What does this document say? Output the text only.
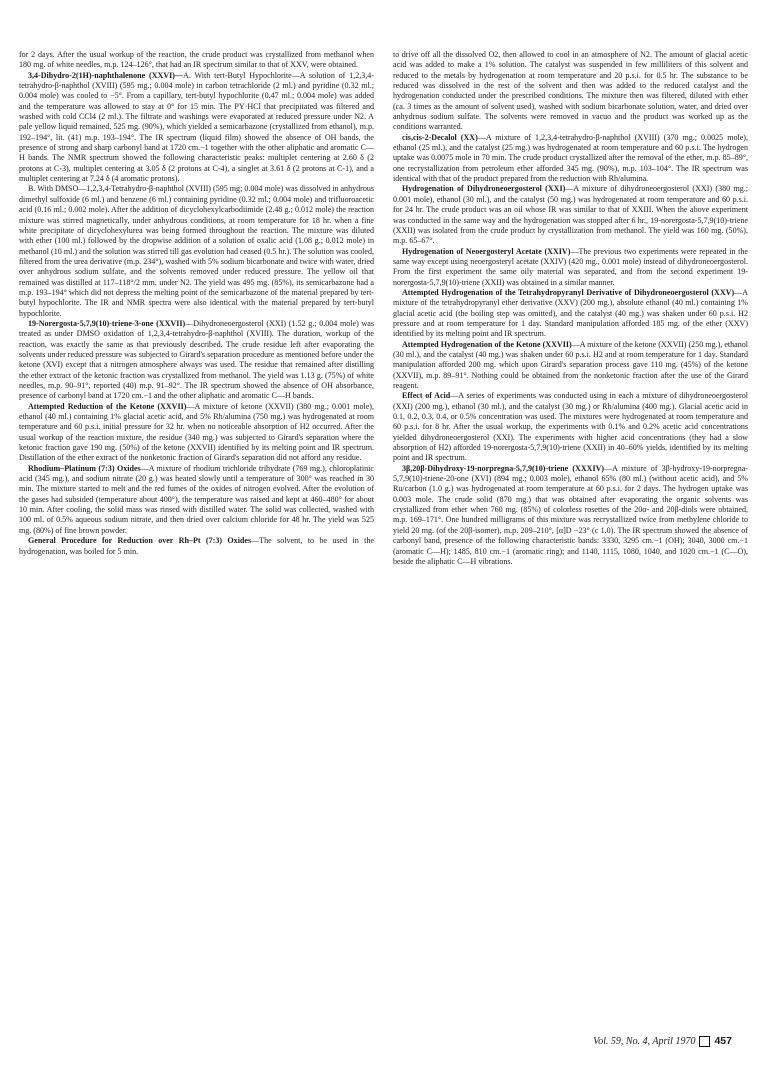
for 2 days. After the usual workup of the reaction, the crude product was crystallized from methanol when 180 mg. of white needles, m.p. 124–126°, that had an IR spectrum similar to that of XXV, were obtained.

3,4-Dihydro-2(1H)-naphthalenone (XXVI)—A. With tert-Butyl Hypochlorite—A solution of 1,2,3,4-tetrahydro-β-naphthol (XVIII) (595 mg.; 0.004 mole) in carbon tetrachloride (2 ml.) and pyridine (0.32 ml.; 0.004 mole) was cooled to −5°. From a capillary, tert-butyl hypochlorite (0.47 ml.; 0.004 mole) was added and the temperature was allowed to stay at 0° for 15 min. The PY·HCl that precipitated was filtered and washed with cold CCl4 (2 ml.). The filtrate and washings were evaporated at reduced pressure under N2. A pale yellow liquid remained, 525 mg. (90%), which yielded a semicarbazone (crystallized from ethanol), m.p. 192–194°, lit. (41) m.p. 193–194°. The IR spectrum (liquid film) showed the absence of OH bands, the presence of strong and sharp carbonyl band at 1720 cm.−1 together with the other aliphatic and aromatic C—H bands. The NMR spectrum showed the following characteristic peaks: multiplet centering at 2.60 δ (2 protons at C-3), multiplet centering at 3.05 δ (2 protons at C-4), a singlet at 3.61 δ (2 protons at C-1), and a multiplet centering at 7.24 δ (4 aromatic protons).

B. With DMSO—1,2,3,4-Tetrahydro-β-naphthol (XVIII) (595 mg; 0.004 mole) was dissolved in anhydrous dimethyl sulfoxide (6 ml.) and benzene (6 ml.) containing pyridine (0.32 ml.; 0.004 mole) and trifluoroacetic acid (0.16 ml.; 0.002 mole). After the addition of dicyclohexylcarbodiimide (2.48 g.; 0.012 mole) the reaction mixture was stirred magnetically, under anhydrous conditions, at room temperature for 18 hr. when a fine white precipitate of dicyclohexylurea was being formed throughout the reaction. The mixture was diluted with ether (100 ml.) followed by the dropwise addition of a solution of oxalic acid (1.08 g.; 0.012 mole) in methanol (10 ml.) and the solution was stirred till gas evolution had ceased (0.5 hr.). The solution was cooled, filtered from the urea derivative (m.p. 234°), washed with 5% sodium bicarbonate and twice with water, dried over anhydrous sodium sulfate, and the solvents removed under reduced pressure. The yellow oil that remained was distilled at 117–118°/2 mm. under N2. The yield was 495 mg. (85%), its semicarbazone had a m.p. 193–194° which did not depress the melting point of the semicarbazone of the material prepared by tert-butyl hypochlorite. The IR and NMR spectra were also identical with the material prepared by tert-butyl hypochlorite.

19-Norergosta-5,7,9(10)-triene-3-one (XXVII)—Dihydroneoergosterol (XXI) (1.52 g.; 0.004 mole) was treated as under DMSO oxidation of 1,2,3,4-tetrahydro-β-naphthol (XVIII). The duration, workup of the reaction, was exactly the same as that previously described. The crude residue left after evaporating the solvents under reduced pressure was subjected to Girard's separation procedure as mentioned before under the ketone (XVI) except that a nitrogen atmosphere always was used. The residue that remained after distilling the ether extract of the ketonic fraction was crystallized from methanol. The yield was 1.13 g. (75%) of white needles, m.p. 90–91°, reported (40) m.p. 91–92°. The IR spectrum showed the absence of OH absorbance, presence of carbonyl band at 1720 cm.−1 and the other aliphatic and aromatic C—H bands.

Attempted Reduction of the Ketone (XXVII)—A mixture of ketone (XXVII) (380 mg.; 0.001 mole), ethanol (40 ml.) containing 1% glacial acetic acid, and 5% Rh/alumina (750 mg.) was hydrogenated at room temperature and 60 p.s.i. initial pressure for 32 hr. when no noticeable absorption of H2 occurred. After the usual workup of the reaction mixture, the residue (340 mg.) was subjected to Girard's separation where the ketonic fraction gave 190 mg. (50%) of the ketone (XXVII) identified by its melting point and IR spectrum. Distillation of the ether extract of the nonketonic fraction of Girard's separation did not afford any residue.

Rhodium–Platinum (7:3) Oxides—A mixture of rhodium trichloride trihydrate (769 mg.), chloroplatinic acid (345 mg.), and sodium nitrate (20 g.) was heated slowly until a temperature of 300° was reached in 30 min. The mixture started to melt and the red fumes of the oxides of nitrogen evolved. After the evolution of the gases had subsided (temperature about 400°), the temperature was raised and kept at 460–480° for about 10 min. After cooling, the solid mass was rinsed with distilled water. The solid was collected, washed with 100 ml. of 0.5% aqueous sodium nitrate, and then dried over calcium chloride for 48 hr. The yield was 525 mg. (80%) of fine brown powder.

General Procedure for Reduction over Rh–Pt (7:3) Oxides—The solvent, to be used in the hydrogenation, was boiled for 5 min.

to drive off all the dissolved O2, then allowed to cool in an atmosphere of N2. The amount of glacial acetic acid was added to make a 1% solution. The catalyst was suspended in few milliliters of this solvent and reduced to the metals by hydrogenation at room temperature and 20 p.s.i. for 0.5 hr. The substance to be reduced was dissolved in the rest of the solvent and then was added to the reduced catalyst and the hydrogenation conducted under the prescribed conditions. The mixture then was filtered, diluted with ether (ca. 3 times as the amount of solvent used), washed with sodium bicarbonate solution, water, and dried over anhydrous sodium sulfate. The solvents were removed in vacuo and the product was worked up as the conditions warranted.

cis,cis-2-Decalol (XX)—A mixture of 1,2,3,4-tetrahydro-β-naphthol (XVIII) (370 mg.; 0.0025 mole), ethanol (25 ml.), and the catalyst (25 mg.) was hydrogenated at room temperature and 60 p.s.i. The hydrogen uptake was 0.0075 mole in 70 min. The crude product crystallized after the removal of the ether, m.p. 85–89°, one recrystallization from petroleum ether afforded 345 mg. (90%), m.p. 103–104°. The IR spectrum was identical with that of the product prepared from the reduction with Rh/alumina.

Hydrogenation of Dihydroneoergosterol (XXI)—A mixture of dihydroneoergosterol (XXI) (380 mg.; 0.001 mole), ethanol (30 ml.), and the catalyst (50 mg.) was hydrogenated at room temperature and 60 p.s.i. for 24 hr. The crude product was an oil whose IR was similar to that of XXIII. When the above experiment was conducted in the same way and the hydrogenation was stopped after 6 hr., 19-norergosta-5,7,9(10)-triene (XXII) was isolated from the crude product by crystallization from methanol. The yield was 160 mg. (50%), m.p. 65–67°.

Hydrogenation of Neoergosteryl Acetate (XXIV)—The previous two experiments were repeated in the same way except using neoergosteryl acetate (XXIV) (420 mg., 0.001 mole) instead of dihydroneoergosterol. From the first experiment the same oily material was separated, and from the second experiment 19-norergosta-5,7,9(10)-triene (XXII) was obtained in a similar manner.

Attempted Hydrogenation of the Tetrahydropyranyl Derivative of Dihydroneoergosterol (XXV)—A mixture of the tetrahydropyranyl ether derivative (XXV) (200 mg.), absolute ethanol (40 ml.) containing 1% glacial acetic acid (the boiling step was omitted), and the catalyst (40 mg.) was shaken under 60 p.s.i. H2 pressure and at room temperature for 1 day. Standard manipulation afforded 185 mg. of the ether (XXV) identified by its melting point and IR spectrum.

Attempted Hydrogenation of the Ketone (XXVII)—A mixture of the ketone (XXVII) (250 mg.), ethanol (30 ml.), and the catalyst (40 mg.) was shaken under 60 p.s.i. H2 and at room temperature for 1 day. Standard manipulation afforded 200 mg. which upon Girard's separation process gave 110 mg. (45%) of the ketone (XXVII), m.p. 89–91°. Nothing could be obtained from the nonketonic fraction after the use of the Girard reagent.

Effect of Acid—A series of experiments was conducted using in each a mixture of dihydroneoergosterol (XXI) (200 mg.), ethanol (30 ml.), and the catalyst (30 mg.) or Rh/alumina (400 mg.). Glacial acetic acid in 0.1, 0.2, 0.3, 0.4, or 0.5% concentration was used. The mixtures were hydrogenated at room temperature and 60 p.s.i. for 8 hr. After the usual workup, the experiments with 0.1% and 0.2% acetic acid concentrations yielded dihydroneoergosterol (XXI). The experiments with higher acid concentrations (they had a slow absorption of H2) afforded 19-norergosta-5,7,9(10)-triene (XXII) in 40–60% yields, identified by its melting point and IR spectrum.

3β,20β-Dihydroxy-19-norpregna-5,7,9(10)-triene (XXXIV)—A mixture of 3β-hydroxy-19-norpregna-5,7,9(10)-triene-20-one (XVI) (894 mg.; 0.003 mole), ethanol 65% (80 ml.) (without acetic acid), and 5% Ru/carbon (1.0 g.) was hydrogenated at room temperature at 60 p.s.i. for 2 days. The hydrogen uptake was 0.003 mole. The crude solid (870 mg.) that was obtained after evaporating the organic solvents was crystallized from ether when 760 mg. (85%) of colorless rosettes of the 20α- and 20β-diols were obtained, m.p. 169–171°. One hundred milligrams of this mixture was recrystallized twice from methylene chloride to yield 20 mg. (of the 20β-isomer), m.p. 209–210°, [α]D −23° (c 1.0). The IR spectrum showed the absence of carbonyl band, presence of the following characteristic bands: 3330, 3295 cm.−1 (OH); 3040, 3000 cm.−1 (aromatic C—H); 1485, 810 cm.−1 (aromatic ring); and 1140, 1115, 1080, 1040, and 1020 cm.−1 (C—O), beside the aliphatic C—H vibrations.

Vol. 59, No. 4, April 1970 457
